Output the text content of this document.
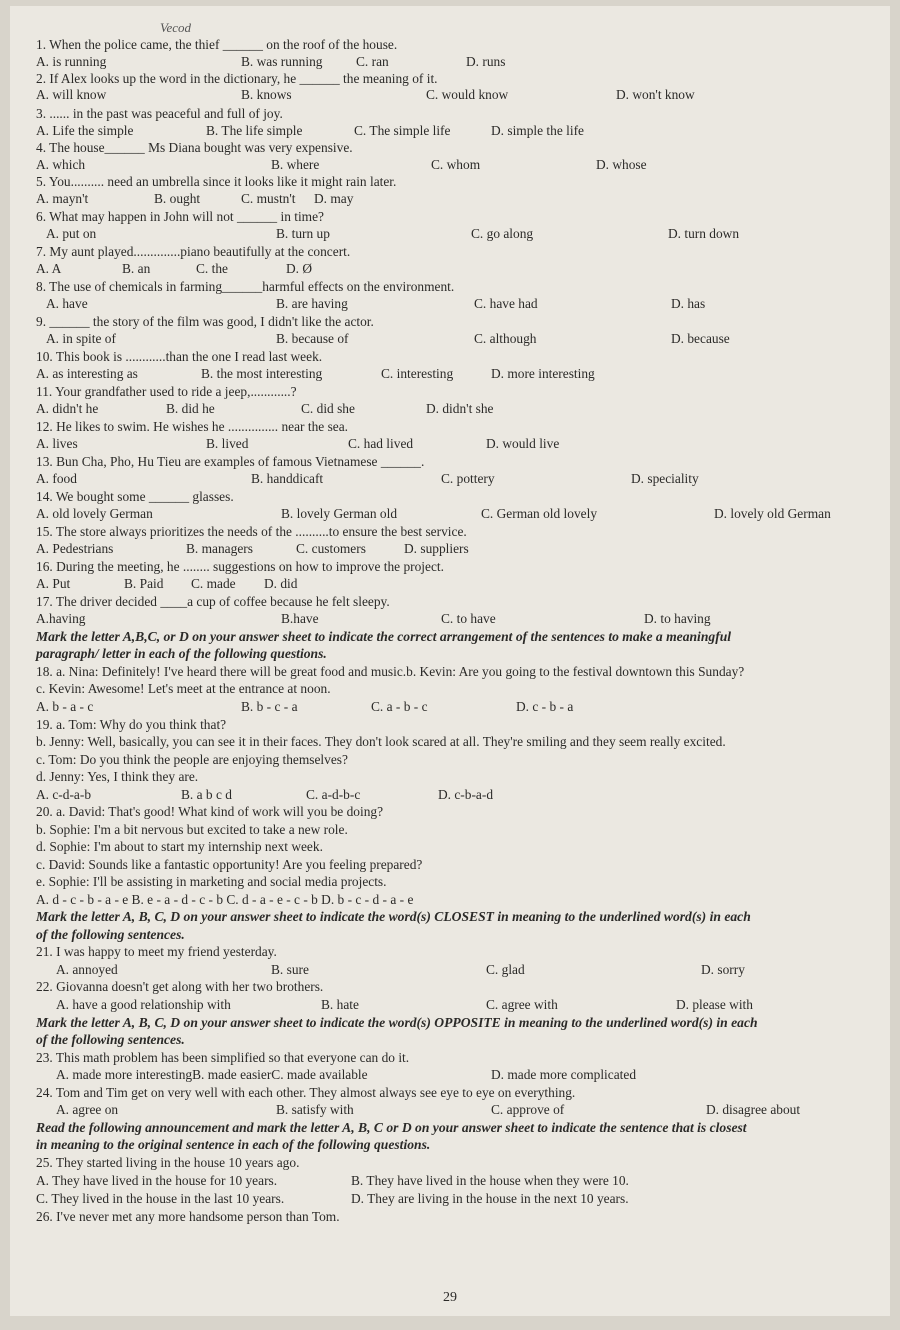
Vecod
1. When the police came, the thief ______ on the roof of the house.
A. is running	B. was running	C. ran	D. runs
2. If Alex looks up the word in the dictionary, he ______ the meaning of it.
A. will know	B. knows	C. would know	D. won't know
3. ...... in the past was peaceful and full of joy.
A. Life the simple	B. The life simple	C. The simple life	D. simple the life
4. The house______ Ms Diana bought was very expensive.
A. which	B. where	C. whom	D. whose
5. You.......... need an umbrella since it looks like it might rain later.
A. mayn't	B. ought	C. mustn't D. may
6. What may happen in John will not ______ in time?
A. put on	B. turn up	C. go along	D. turn down
7. My aunt played..............piano beautifully at the concert.
A. A	B. an	C. the	D. Ø
8. The use of chemicals in farming______harmful effects on the environment.
A. have	B. are having	C. have had	D. has
9. ______ the story of the film was good, I didn't like the actor.
A. in spite of	B. because of	C. although	D. because
10. This book is ............than the one I read last week.
A. as interesting as	B. the most interesting	C. interesting	D. more interesting
11. Your grandfather used to ride a jeep,............?
A. didn't he	B. did he	C. did she	D. didn't she
12. He likes to swim. He wishes he ............... near the sea.
A. lives	B. lived	C. had lived	D. would live
13. Bun Cha, Pho, Hu Tieu are examples of famous Vietnamese ______.
A. food	B. handdicaft	C. pottery	D. speciality
14. We bought some ______ glasses.
A. old lovely German	B. lovely German old	C. German old lovely	D. lovely old German
15. The store always prioritizes the needs of the ..........to ensure the best service.
A. Pedestrians	B. managers	C. customers	D. suppliers
16. During the meeting, he ........ suggestions on how to improve the project.
A. Put	B. Paid C. made D. did
17. The driver decided ____a cup of coffee because he felt sleepy.
A.having	B.have	C. to have	D. to having
Mark the letter A,B,C, or D on your answer sheet to indicate the correct arrangement of the sentences to make a meaningful
paragraph/ letter in each of the following questions.
18. a. Nina: Definitely! I've heard there will be great food and music.b. Kevin: Are you going to the festival downtown this Sunday?
c. Kevin: Awesome! Let's meet at the entrance at noon.
A. b - a - c	B. b - c - a	C. a - b - c	D. c - b - a
19. a. Tom: Why do you think that?
b. Jenny: Well, basically, you can see it in their faces. They don't look scared at all. They're smiling and they seem really excited.
c. Tom: Do you think the people are enjoying themselves?
d. Jenny: Yes, I think they are.
A. c-d-a-b	B. a b c d	C. a-d-b-c	D. c-b-a-d
20. a. David: That's good! What kind of work will you be doing?
b. Sophie: I'm a bit nervous but excited to take a new role.
d. Sophie: I'm about to start my internship next week.
c. David: Sounds like a fantastic opportunity! Are you feeling prepared?
e. Sophie: I'll be assisting in marketing and social media projects.
A. d - c - b - a - e B. e - a - d - c - b C. d - a - e - c - b D. b - c - d - a - e
Mark the letter A, B, C, D on your answer sheet to indicate the word(s) CLOSEST in meaning to the underlined word(s) in each
of the following sentences.
21. I was happy to meet my friend yesterday.
A. annoyed	B. sure	C. glad	D. sorry
22. Giovanna doesn't get along with her two brothers.
A. have a good relationship with	B. hate	C. agree with	D. please with
Mark the letter A, B, C, D on your answer sheet to indicate the word(s) OPPOSITE in meaning to the underlined word(s) in each
of the following sentences.
23. This math problem has been simplified so that everyone can do it.
A. made more interestingB. made easierC. made available	D. made more complicated
24. Tom and Tim get on very well with each other. They almost always see eye to eye on everything.
A. agree on	B. satisfy with	C. approve of	D. disagree about
Read the following announcement and mark the letter A, B, C or D on your answer sheet to indicate the sentence that is closest
in meaning to the original sentence in each of the following questions.
25. They started living in the house 10 years ago.
A. They have lived in the house for 10 years.	B. They have lived in the house when they were 10.
C. They lived in the house in the last 10 years.	D. They are living in the house in the next 10 years.
26. I've never met any more handsome person than Tom.
29
